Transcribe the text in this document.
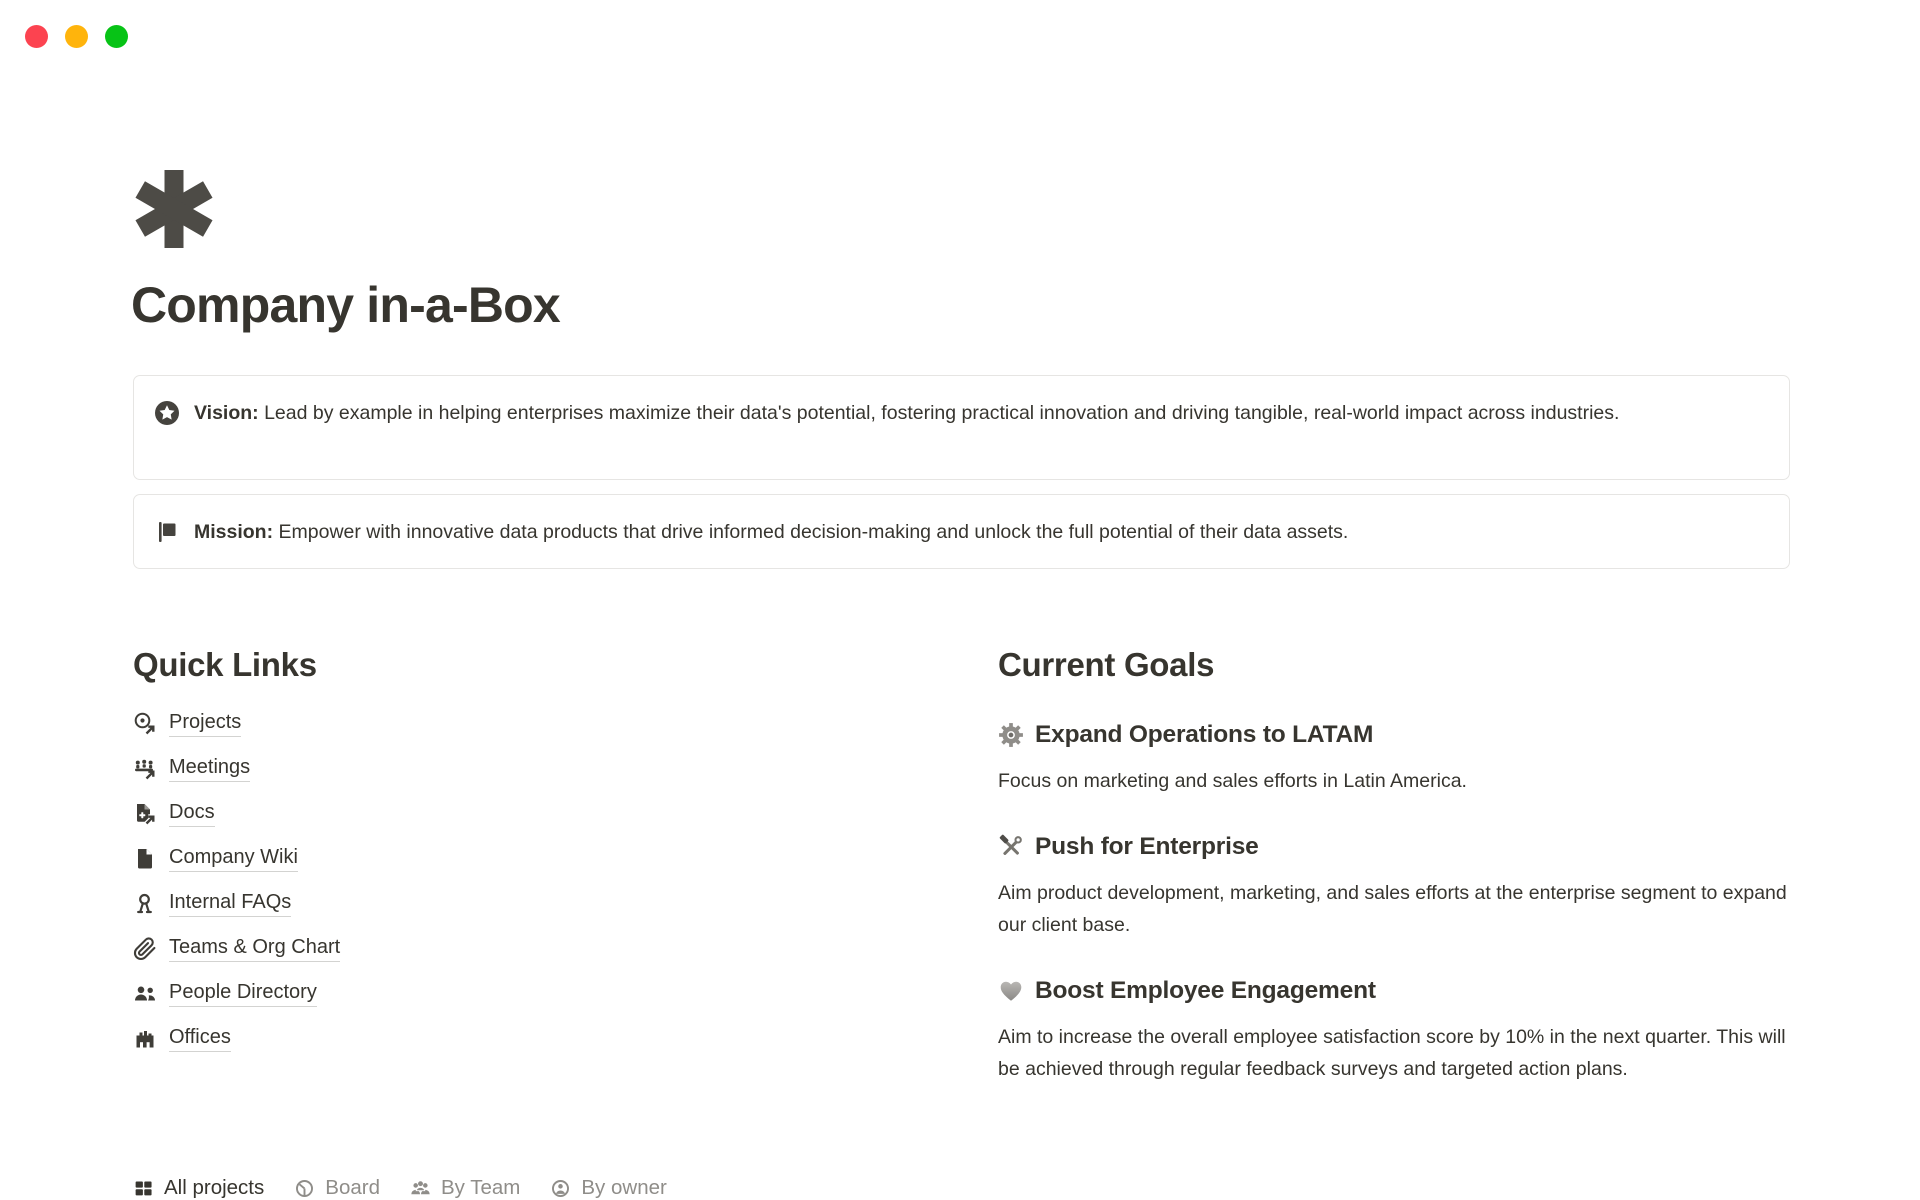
Company in-a-Box
Vision: Lead by example in helping enterprises maximize their data's potential, fostering practical innovation and driving tangible, real-world impact across industries.
Mission: Empower with innovative data products that drive informed decision-making and unlock the full potential of their data assets.
Quick Links
Projects
Meetings
Docs
Company Wiki
Internal FAQs
Teams & Org Chart
People Directory
Offices
Current Goals
Expand Operations to LATAM
Focus on marketing and sales efforts in Latin America.
Push for Enterprise
Aim product development, marketing, and sales efforts at the enterprise segment to expand our client base.
Boost Employee Engagement
Aim to increase the overall employee satisfaction score by 10% in the next quarter. This will be achieved through regular feedback surveys and targeted action plans.
All projects	Board	By Team	By owner
